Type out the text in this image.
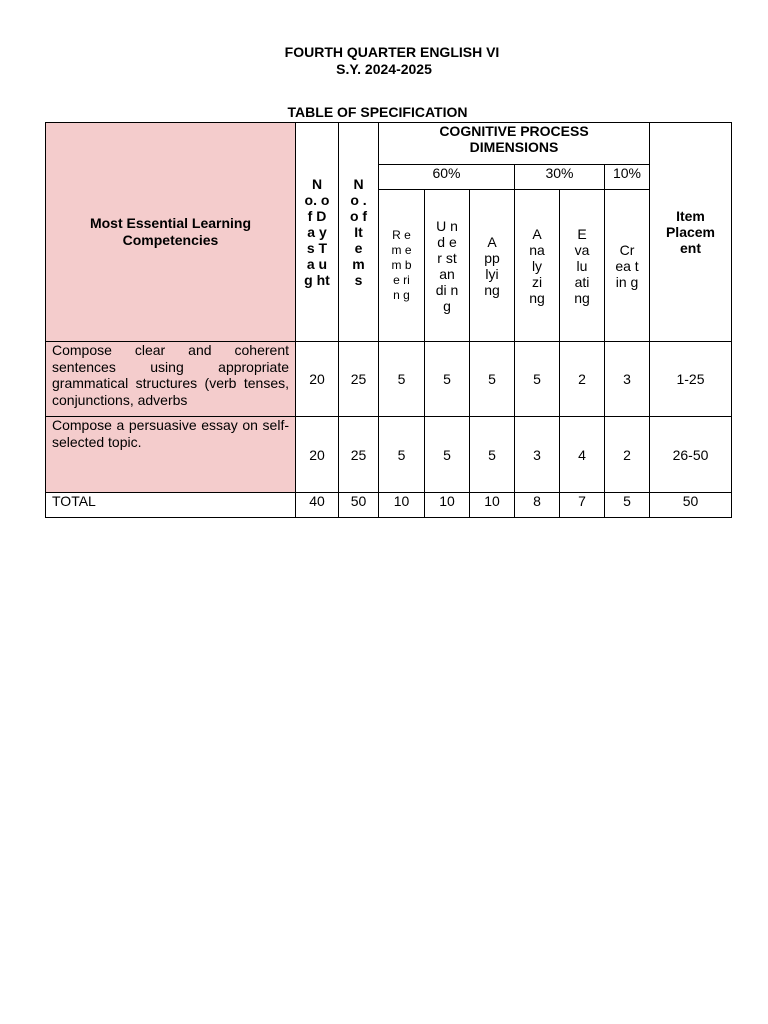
FOURTH QUARTER ENGLISH VI
S.Y. 2024-2025
TABLE OF SPECIFICATION
Most Essential Learning Competencies	N o. of D a y s T a u g ht	N o . o f It e m s	COGNITIVE PROCESS DIMENSIONS						Item Placem ent
			60%			30%		10%	
			R e m e m be rin g	U nd er st an di ng	A pp lyi ng	A na ly zi ng	E va lu ati ng	Cr ea tin g	
Compose clear and coherent sentences using appropriate grammatical structures (verb tenses, conjunctions, adverbs	20	25	5	5	5	5	2	3	1-25
Compose a persuasive essay on self-selected topic.	20	25	5	5	5	3	4	2	26-50
TOTAL	40	50	10	10	10	8	7	5	50
